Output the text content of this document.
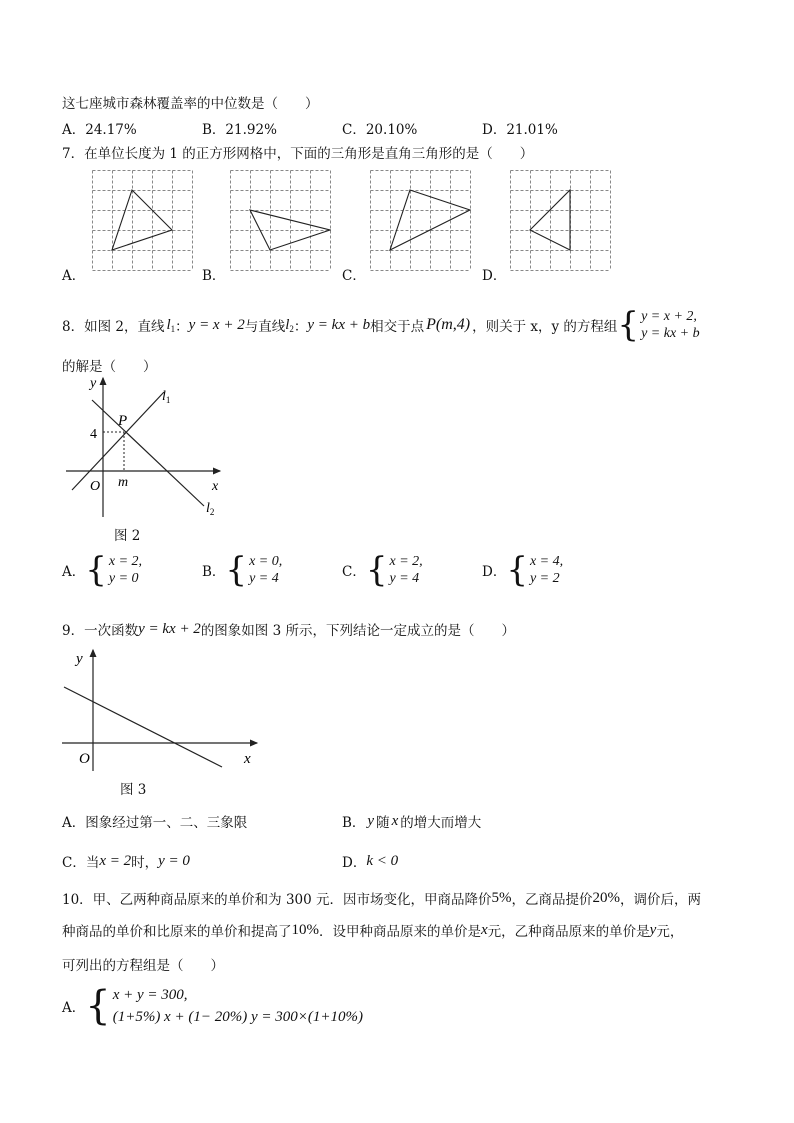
这七座城市森林覆盖率的中位数是（　　）
A．24.17%	B．21.92%	C．20.10%	D．21.01%
7．在单位长度为 1 的正方形网格中，下面的三角形是直角三角形的是（　　）
A．	B．	C．	D．
8．如图 2，直线 $l_1$ ： y = x + 2 与直线 $l_2$ ： y = kx + b 相交于点 P(m,4) ，则关于 x，y 的方程组 { y = x + 2,
y = kx + b
的解是（　　）
y
x
O
P
4
m
$l_1$
$l_2$
图 2
A． { x = 2,
y = 0	B． { x = 0,
y = 4	C． { x = 2,
y = 4	D． { x = 4,
y = 2
9．一次函数 y = kx + 2 的图象如图 3 所示，下列结论一定成立的是（　　）
y
x
O
图 3
A．图象经过第一、二、三象限	B． y 随 x 的增大而增大
C． 当 x = 2 时， y = 0	D． k < 0
10．甲、乙两种商品原来的单价和为 300 元．因市场变化，甲商品降价 5% ，乙商品提价 20% ，调价后，两
种商品的单价和比原来的单价和提高了 10% ．设甲种商品原来的单价是 x 元，乙种商品原来的单价是 y 元，
可列出的方程组是（　　）
A． { x + y = 300,
(1+5%) x + (1− 20%) y = 300×(1+10%)
